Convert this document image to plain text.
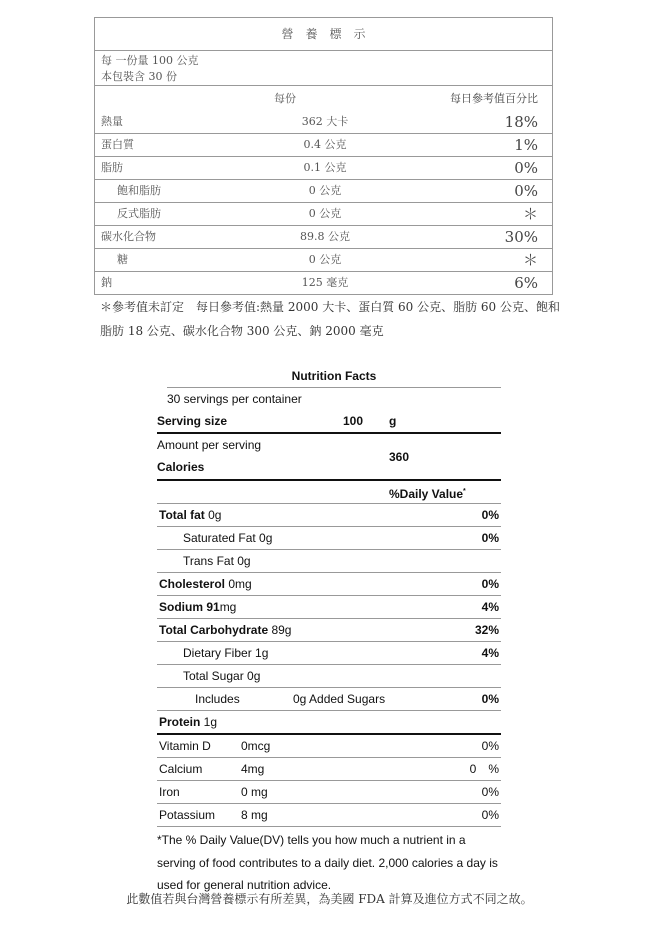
營　養　標　示
每 一份量 100 公克
本包裝含 30 份
每份	每日參考值百分比
熱量	362 大卡	18%
蛋白質	0.4 公克	1%
脂肪	0.1 公克	0%
飽和脂肪	0 公克	0%
反式脂肪	0 公克	＊
碳水化合物	89.8 公克	30%
糖	0 公克	＊
鈉	125 毫克	6%
＊參考值未訂定　每日參考值:熱量 2000 大卡、蛋白質 60 公克、脂肪 60 公克、飽和脂肪 18 公克、碳水化合物 300 公克、鈉 2000 毫克
Nutrition Facts
30 servings per container
Serving size	100 g
Amount per serving
Calories
360
%Daily Value*
Total fat 0g	0%
Saturated Fat 0g	0%
Trans Fat 0g
Cholesterol 0mg	0%
Sodium 91mg	4%
Total Carbohydrate 89g	32%
Dietary Fiber 1g	4%
Total Sugar 0g
Includes	0g Added Sugars	0%
Protein 1g
Vitamin D	0mcg	0%
Calcium	4mg	0　%
Iron	0 mg	0%
Potassium 8 mg	0%
*The % Daily Value(DV) tells you how much a nutrient in a serving of food contributes to a daily diet. 2,000 calories a day is used for general nutrition advice.
此數值若與台灣營養標示有所差異，為美國 FDA 計算及進位方式不同之故。
